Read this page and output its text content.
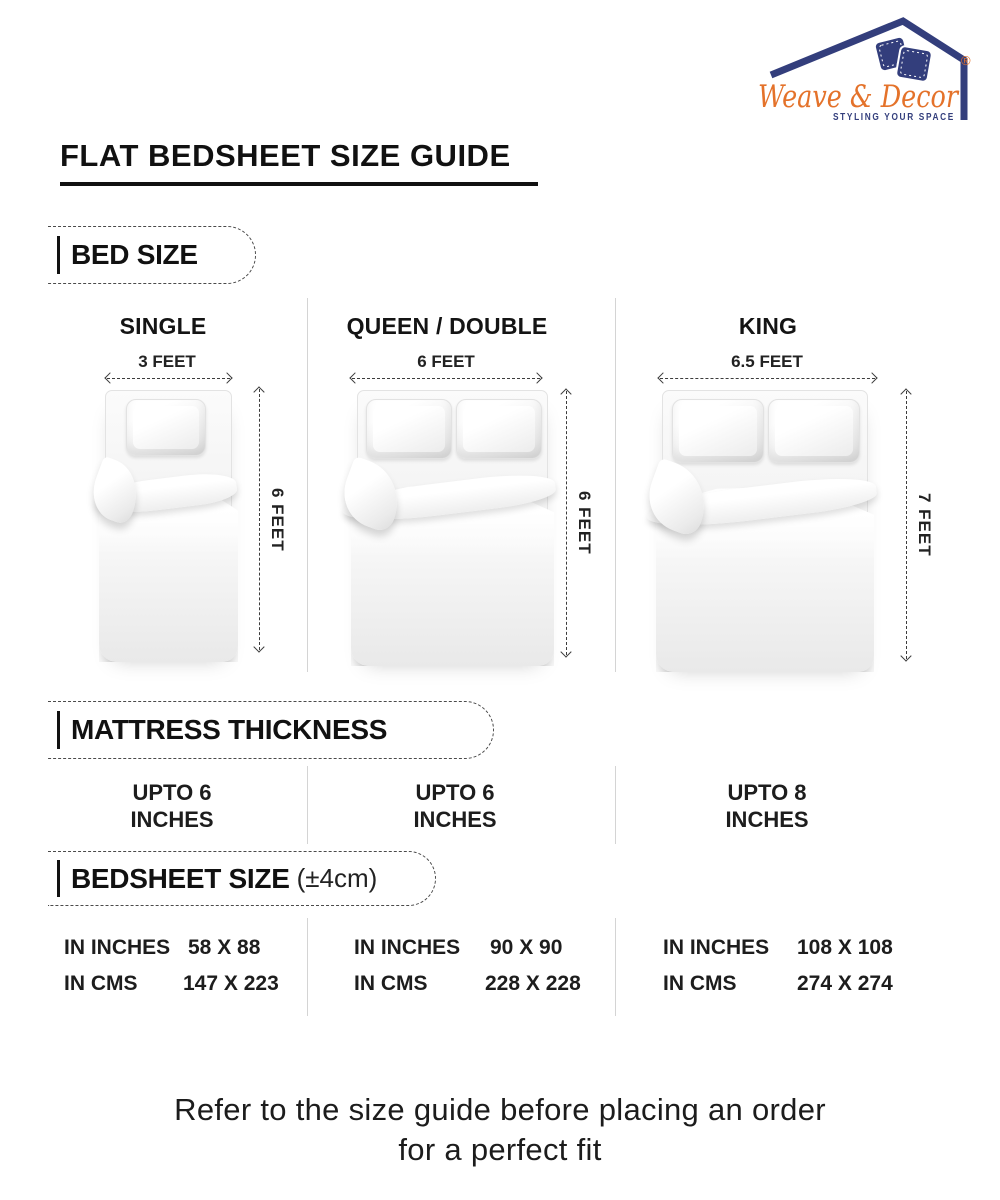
Weave & Decor
®
STYLING YOUR SPACE
FLAT BEDSHEET SIZE GUIDE
BED SIZE
SINGLE	QUEEN / DOUBLE	KING
3 FEET	6 FEET	6.5 FEET
6 FEET	6 FEET	7 FEET
MATTRESS THICKNESS
UPTO 6
INCHES
UPTO 6
INCHES
UPTO 8
INCHES
BEDSHEET SIZE (±4cm)
IN INCHES 58 X 88
IN CMS 147 X 223
IN INCHES 90 X 90
IN CMS	228 X 228
IN INCHES 108 X 108
IN CMS	274 X 274
Refer to the size guide before placing an order
for a perfect fit
